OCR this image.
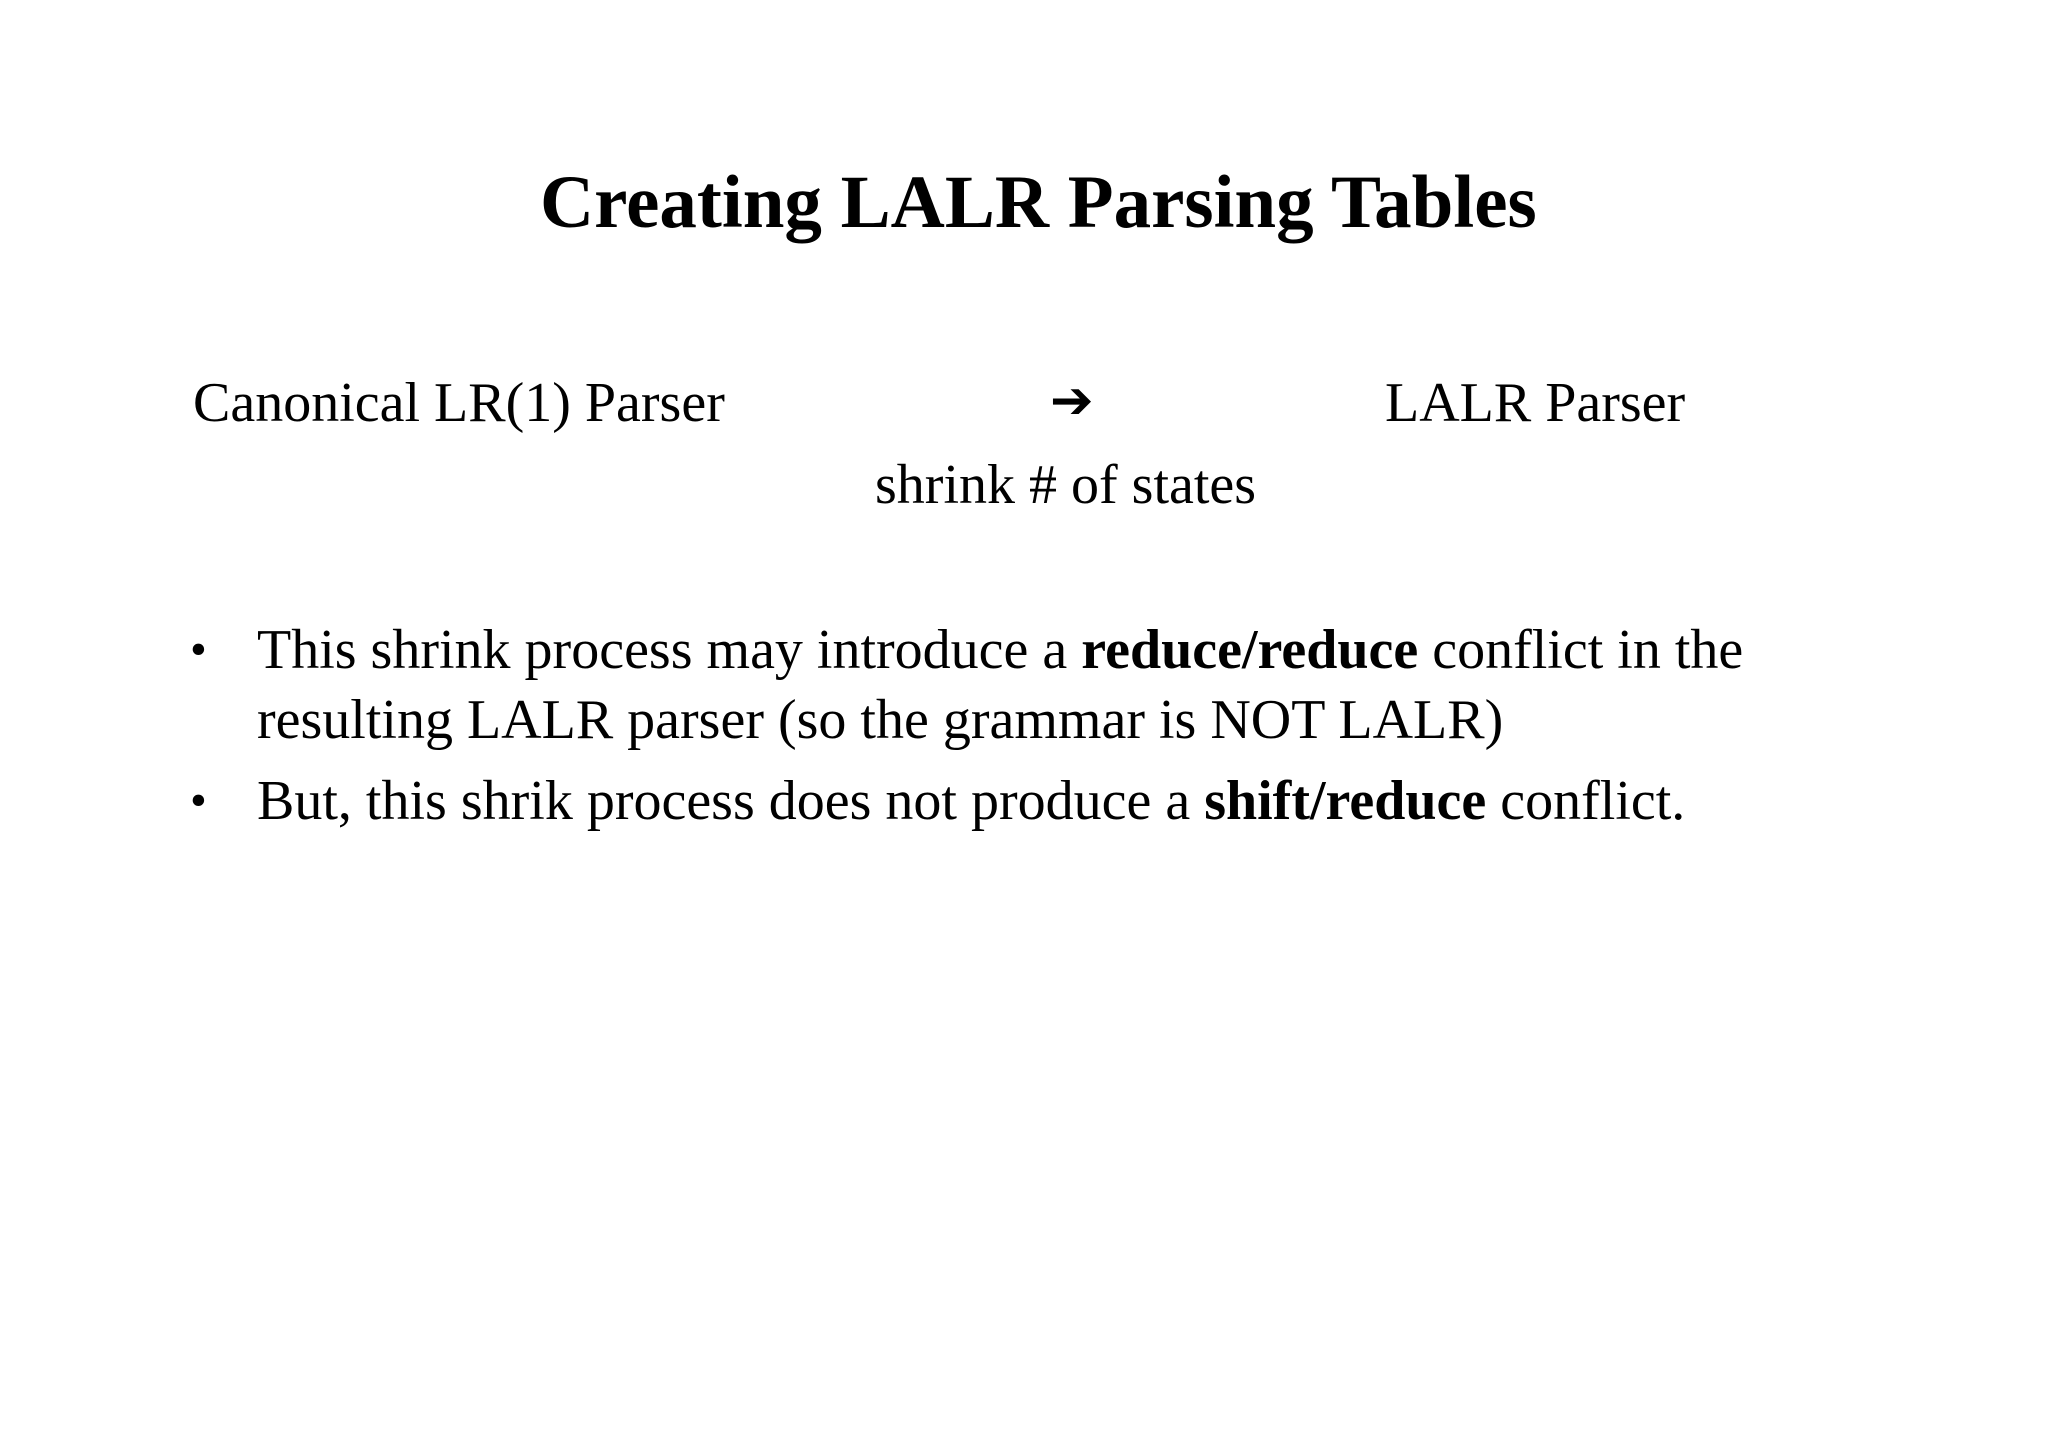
Creating LALR Parsing Tables
Canonical LR(1) Parser	➔	LALR Parser
shrink # of states
• This shrink process may introduce a reduce/reduce conflict in the resulting LALR parser (so the grammar is NOT LALR)
• But, this shrik process does not produce a shift/reduce conflict.
